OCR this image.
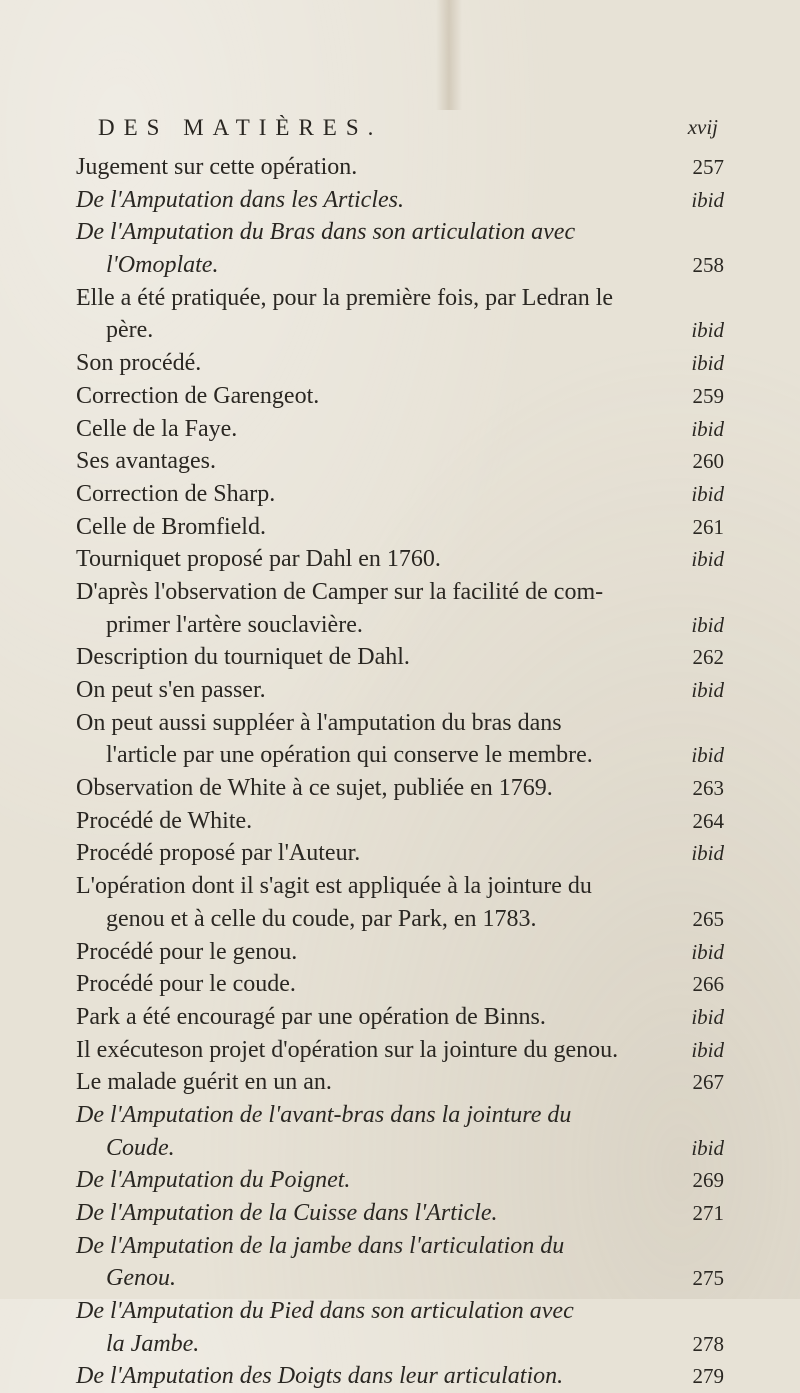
DES MATIÈRES.	xvij
Jugement sur cette opération.	257
De l'Amputation dans les Articles.	ibid
De l'Amputation du Bras dans son articulation avec
l'Omoplate.	258
Elle a été pratiquée, pour la première fois, par Ledran le
père.	ibid
Son procédé.	ibid
Correction de Garengeot.	259
Celle de la Faye.	ibid
Ses avantages.	260
Correction de Sharp.	ibid
Celle de Bromfield.	261
Tourniquet proposé par Dahl en 1760.	ibid
D'après l'observation de Camper sur la facilité de com-
primer l'artère souclavière.	ibid
Description du tourniquet de Dahl.	262
On peut s'en passer.	ibid
On peut aussi suppléer à l'amputation du bras dans
l'article par une opération qui conserve le membre.	ibid
Observation de White à ce sujet, publiée en 1769.	263
Procédé de White.	264
Procédé proposé par l'Auteur.	ibid
L'opération dont il s'agit est appliquée à la jointure du
genou et à celle du coude, par Park, en 1783.	265
Procédé pour le genou.	ibid
Procédé pour le coude.	266
Park a été encouragé par une opération de Binns.	ibid
Il exécuteson projet d'opération sur la jointure du genou.	ibid
Le malade guérit en un an.	267
De l'Amputation de l'avant-bras dans la jointure du
Coude.	ibid
De l'Amputation du Poignet.	269
De l'Amputation de la Cuisse dans l'Article.	271
De l'Amputation de la jambe dans l'articulation du
Genou.	275
De l'Amputation du Pied dans son articulation avec
la Jambe.	278
De l'Amputation des Doigts dans leur articulation.	279
